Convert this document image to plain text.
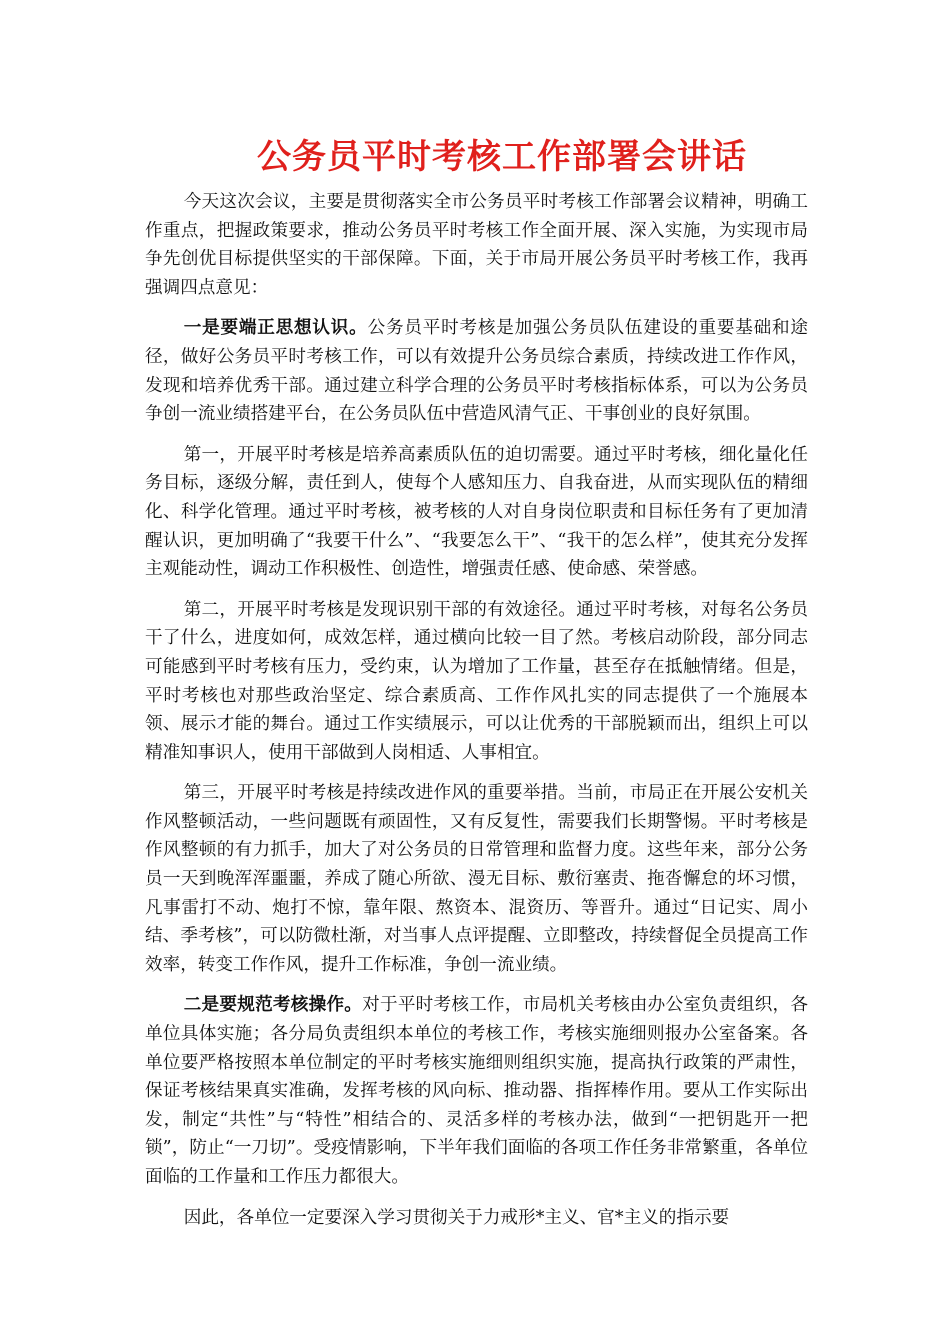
公务员平时考核工作部署会讲话

今天这次会议，主要是贯彻落实全市公务员平时考核工作部署会议精神，明确工作重点，把握政策要求，推动公务员平时考核工作全面开展、深入实施，为实现市局争先创优目标提供坚实的干部保障。下面，关于市局开展公务员平时考核工作，我再强调四点意见：

一是要端正思想认识。公务员平时考核是加强公务员队伍建设的重要基础和途径，做好公务员平时考核工作，可以有效提升公务员综合素质，持续改进工作作风，发现和培养优秀干部。通过建立科学合理的公务员平时考核指标体系，可以为公务员争创一流业绩搭建平台，在公务员队伍中营造风清气正、干事创业的良好氛围。

第一，开展平时考核是培养高素质队伍的迫切需要。通过平时考核，细化量化任务目标，逐级分解，责任到人，使每个人感知压力、自我奋进，从而实现队伍的精细化、科学化管理。通过平时考核，被考核的人对自身岗位职责和目标任务有了更加清醒认识，更加明确了“我要干什么”、“我要怎么干”、“我干的怎么样”，使其充分发挥主观能动性，调动工作积极性、创造性，增强责任感、使命感、荣誉感。

第二，开展平时考核是发现识别干部的有效途径。通过平时考核，对每名公务员干了什么，进度如何，成效怎样，通过横向比较一目了然。考核启动阶段，部分同志可能感到平时考核有压力，受约束，认为增加了工作量，甚至存在抵触情绪。但是，平时考核也对那些政治坚定、综合素质高、工作作风扎实的同志提供了一个施展本领、展示才能的舞台。通过工作实绩展示，可以让优秀的干部脱颖而出，组织上可以精准知事识人，使用干部做到人岗相适、人事相宜。

第三，开展平时考核是持续改进作风的重要举措。当前，市局正在开展公安机关作风整顿活动，一些问题既有顽固性，又有反复性，需要我们长期警惕。平时考核是作风整顿的有力抓手，加大了对公务员的日常管理和监督力度。这些年来，部分公务员一天到晚浑浑噩噩，养成了随心所欲、漫无目标、敷衍塞责、拖沓懈怠的坏习惯，凡事雷打不动、炮打不惊，靠年限、熬资本、混资历、等晋升。通过“日记实、周小结、季考核”，可以防微杜渐，对当事人点评提醒、立即整改，持续督促全员提高工作效率，转变工作作风，提升工作标准，争创一流业绩。

二是要规范考核操作。对于平时考核工作，市局机关考核由办公室负责组织，各单位具体实施；各分局负责组织本单位的考核工作，考核实施细则报办公室备案。各单位要严格按照本单位制定的平时考核实施细则组织实施，提高执行政策的严肃性，保证考核结果真实准确，发挥考核的风向标、推动器、指挥棒作用。要从工作实际出发，制定“共性”与“特性”相结合的、灵活多样的考核办法，做到“一把钥匙开一把锁”，防止“一刀切”。受疫情影响，下半年我们面临的各项工作任务非常繁重，各单位面临的工作量和工作压力都很大。

因此，各单位一定要深入学习贯彻关于力戒形*主义、官*主义的指示要
